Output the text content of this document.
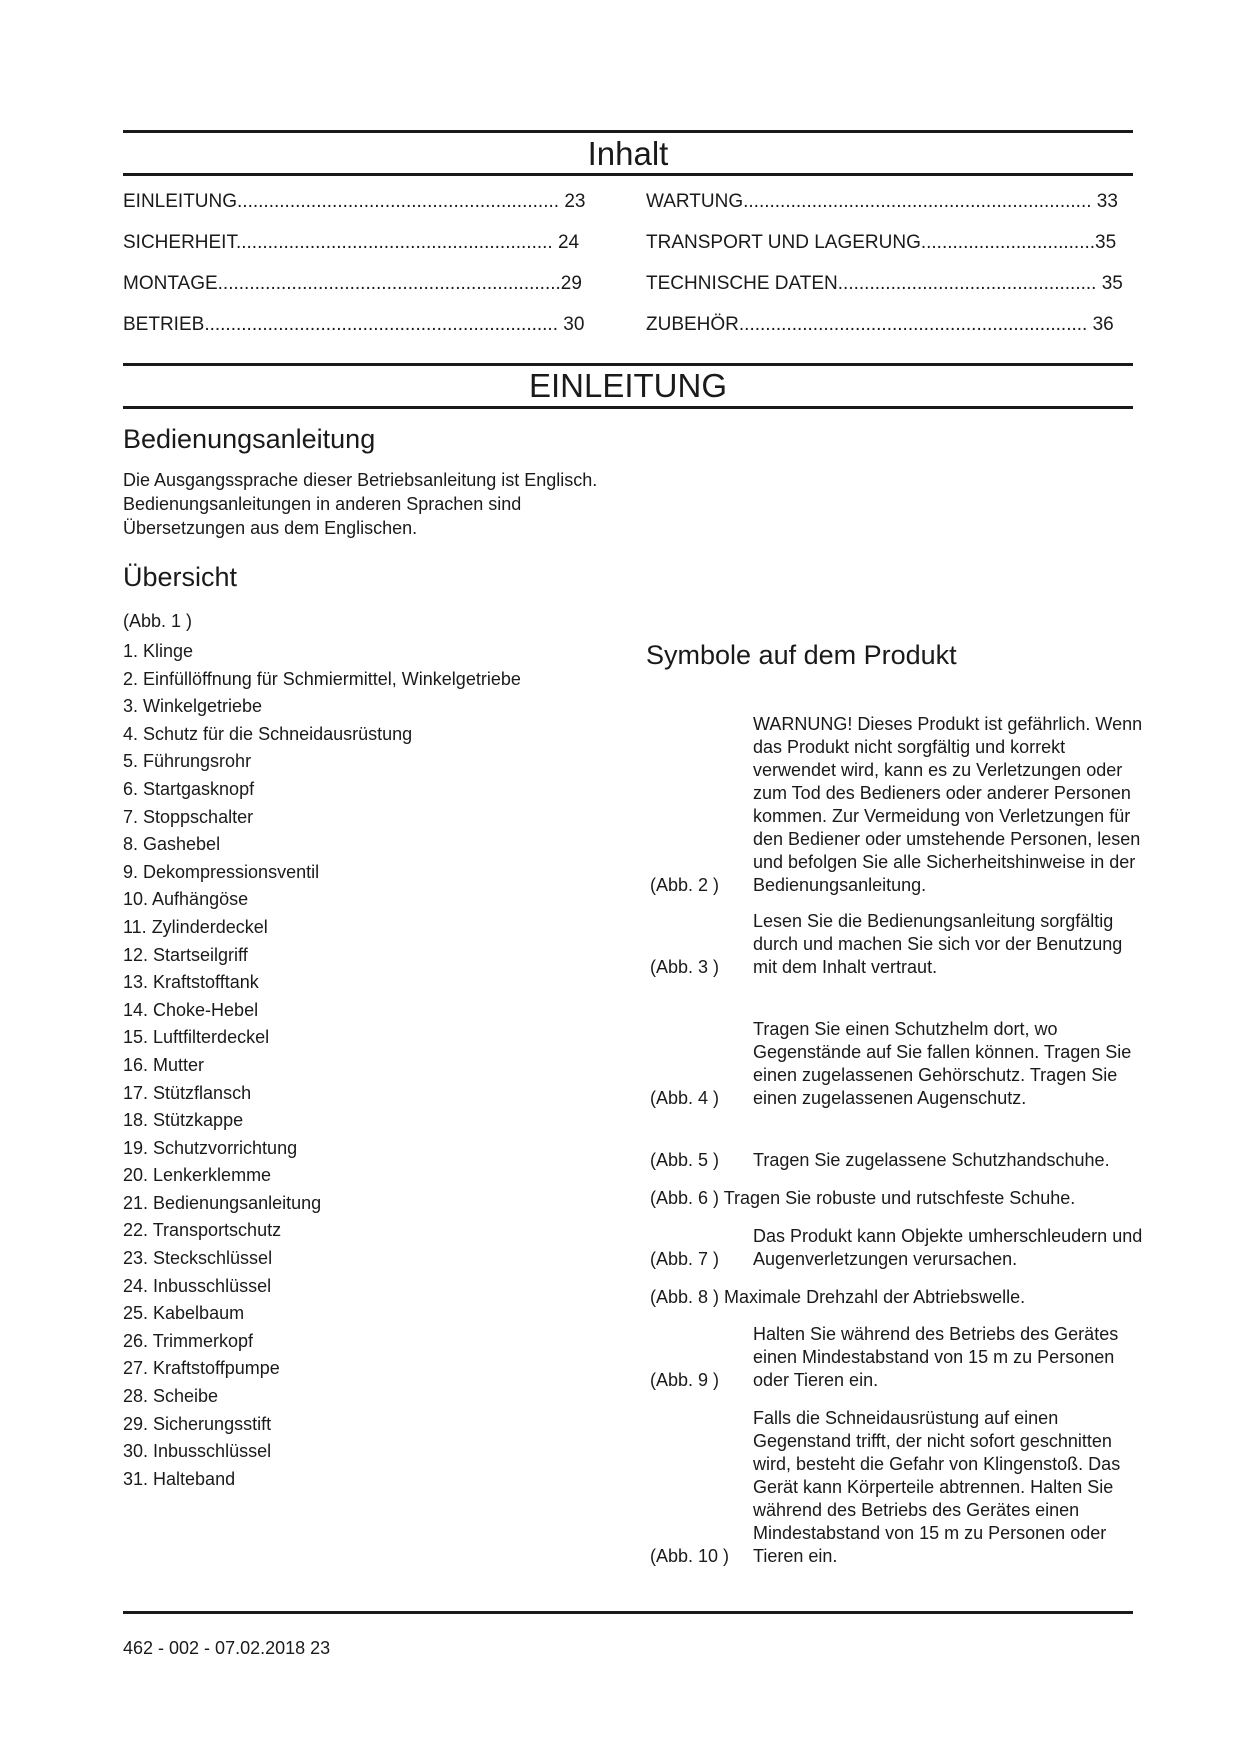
Inhalt
EINLEITUNG............................................................. 23
SICHERHEIT............................................................ 24
MONTAGE.................................................................29
BETRIEB................................................................... 30
WARTUNG.................................................................. 33
TRANSPORT UND LAGERUNG.................................35
TECHNISCHE DATEN................................................. 35
ZUBEHÖR.................................................................. 36
EINLEITUNG
Bedienungsanleitung

Die Ausgangssprache dieser Betriebsanleitung ist Englisch. Bedienungsanleitungen in anderen Sprachen sind Übersetzungen aus dem Englischen.

Übersicht
(Abb. 1 )
1. Klinge
2. Einfüllöffnung für Schmiermittel, Winkelgetriebe
3. Winkelgetriebe
4. Schutz für die Schneidausrüstung
5. Führungsrohr
6. Startgasknopf
7. Stoppschalter
8. Gashebel
9. Dekompressionsventil
10. Aufhängöse
11. Zylinderdeckel
12. Startseilgriff
13. Kraftstofftank
14. Choke-Hebel
15. Luftfilterdeckel
16. Mutter
17. Stützflansch
18. Stützkappe
19. Schutzvorrichtung
20. Lenkerklemme
21. Bedienungsanleitung
22. Transportschutz
23. Steckschlüssel
24. Inbusschlüssel
25. Kabelbaum
26. Trimmerkopf
27. Kraftstoffpumpe
28. Scheibe
29. Sicherungsstift
30. Inbusschlüssel
31. Halteband
Symbole auf dem Produkt
(Abb. 2 )
WARNUNG! Dieses Produkt ist gefährlich. Wenn das Produkt nicht sorgfältig und korrekt verwendet wird, kann es zu Verletzungen oder zum Tod des Bedieners oder anderer Personen kommen. Zur Vermeidung von Verletzungen für den Bediener oder umstehende Personen, lesen und befolgen Sie alle Sicherheitshinweise in der Bedienungsanleitung.
(Abb. 3 )
Lesen Sie die Bedienungsanleitung sorgfältig durch und machen Sie sich vor der Benutzung mit dem Inhalt vertraut.
(Abb. 4 )
Tragen Sie einen Schutzhelm dort, wo Gegenstände auf Sie fallen können. Tragen Sie einen zugelassenen Gehörschutz. Tragen Sie einen zugelassenen Augenschutz.
(Abb. 5 ) Tragen Sie zugelassene Schutzhandschuhe.
(Abb. 6 ) Tragen Sie robuste und rutschfeste Schuhe.
(Abb. 7 )
Das Produkt kann Objekte umherschleudern und Augenverletzungen verursachen.
(Abb. 8 ) Maximale Drehzahl der Abtriebswelle.
(Abb. 9 )
Halten Sie während des Betriebs des Gerätes einen Mindestabstand von 15 m zu Personen oder Tieren ein.
(Abb. 10 )
Falls die Schneidausrüstung auf einen Gegenstand trifft, der nicht sofort geschnitten wird, besteht die Gefahr von Klingenstoß. Das Gerät kann Körperteile abtrennen. Halten Sie während des Betriebs des Gerätes einen Mindestabstand von 15 m zu Personen oder Tieren ein.
462 - 002 - 07.02.2018 23
